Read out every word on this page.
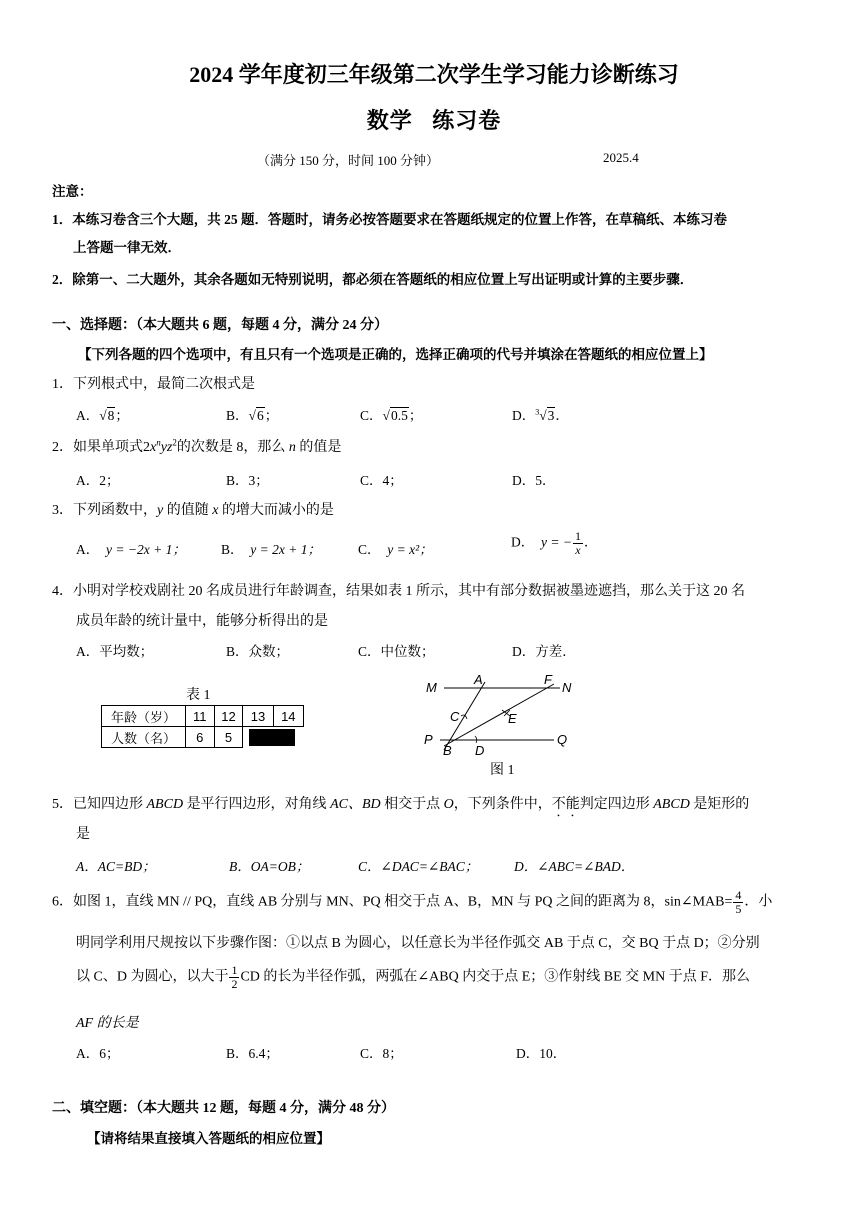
2024 学年度初三年级第二次学生学习能力诊断练习
数学   练习卷
（满分 150 分，时间 100 分钟）	2025.4
注意：
1．本练习卷含三个大题，共 25 题．答题时，请务必按答题要求在答题纸规定的位置上作答，在草稿纸、本练习卷
上答题一律无效．
2．除第一、二大题外，其余各题如无特别说明，都必须在答题纸的相应位置上写出证明或计算的主要步骤．
一、选择题：（本大题共 6 题，每题 4 分，满分 24 分）
【下列各题的四个选项中，有且只有一个选项是正确的，选择正确项的代号并填涂在答题纸的相应位置上】
1．下列根式中，最简二次根式是
A．√8；	B．√6；	C．√0.5；	D．$^3$√3．
2．如果单项式$2x^nyz^2$的次数是 8，那么 n 的值是
A．2；	B．3；	C．4；	D．5．
3．下列函数中，y 的值随 x 的增大而减小的是
A． y = −2x + 1；	B． y = 2x + 1；	C． y = x²；	D． y = − $\frac{1}{x}$ ．
4．小明对学校戏剧社 20 名成员进行年龄调查，结果如表 1 所示，其中有部分数据被墨迹遮挡，那么关于这 20 名
成员年龄的统计量中，能够分析得出的是
A．平均数；	B．众数；	C．中位数；	D．方差．
表 1
年龄（岁）	11	12	13	14
人数（名）	6	5		
M
A	F
N
C	E
P
B D
Q
图 1
5．已知四边形 ABCD 是平行四边形，对角线 AC、BD 相交于点 O，下列条件中，不能判定四边形 ABCD 是矩形的
是
A．AC=BD；	B．OA=OB；	C．∠DAC=∠BAC；	D．∠ABC=∠BAD．
6．如图 1，直线 MN // PQ，直线 AB 分别与 MN、PQ 相交于点 A、B，MN 与 PQ 之间的距离为 8，sin∠MAB= $\frac{4}{5}$ ．小
明同学利用尺规按以下步骤作图：①以点 B 为圆心，以任意长为半径作弧交 AB 于点 C，交 BQ 于点 D；②分别
以 C、D 为圆心，以大于 $\frac{1}{2}$ CD 的长为半径作弧，两弧在∠ABQ 内交于点 E；③作射线 BE 交 MN 于点 F．那么
AF 的长是
A．6；	B．6.4；	C．8；	D．10．
二、填空题：（本大题共 12 题，每题 4 分，满分 48 分）
【请将结果直接填入答题纸的相应位置】
